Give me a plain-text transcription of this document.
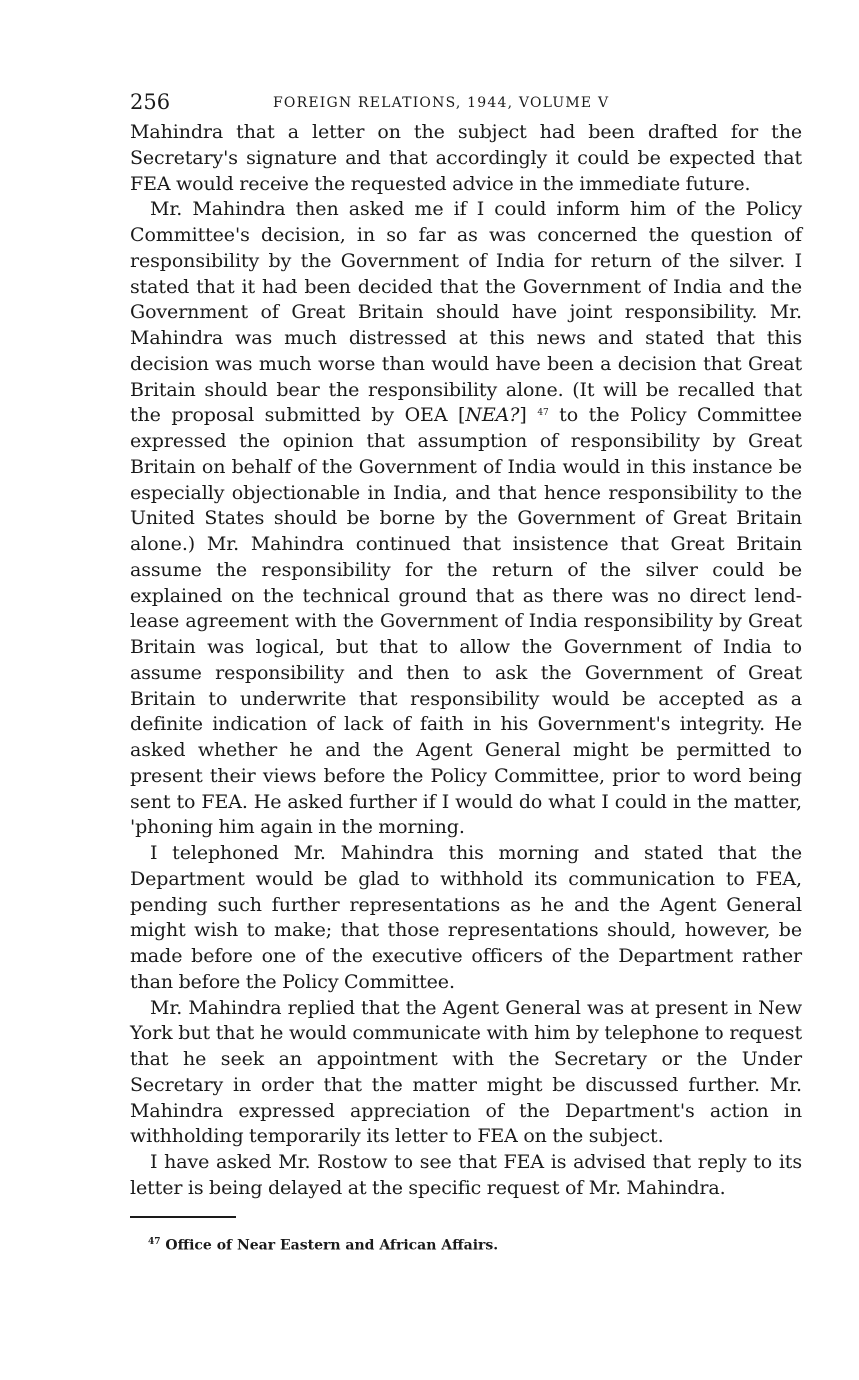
256	FOREIGN RELATIONS, 1944, VOLUME V

Mahindra that a letter on the subject had been drafted for the Secretary's signature and that accordingly it could be expected that FEA would receive the requested advice in the immediate future.

Mr. Mahindra then asked me if I could inform him of the Policy Committee's decision, in so far as was concerned the question of responsibility by the Government of India for return of the silver. I stated that it had been decided that the Government of India and the Government of Great Britain should have joint responsibility. Mr. Mahindra was much distressed at this news and stated that this decision was much worse than would have been a decision that Great Britain should bear the responsibility alone. (It will be recalled that the proposal submitted by OEA [NEA?] $^{47}$ to the Policy Committee expressed the opinion that assumption of responsibility by Great Britain on behalf of the Government of India would in this instance be especially objectionable in India, and that hence responsibility to the United States should be borne by the Government of Great Britain alone.) Mr. Mahindra continued that insistence that Great Britain assume the responsibility for the return of the silver could be explained on the technical ground that as there was no direct lend-lease agreement with the Government of India responsibility by Great Britain was logical, but that to allow the Government of India to assume responsibility and then to ask the Government of Great Britain to underwrite that responsibility would be accepted as a definite indication of lack of faith in his Government's integrity. He asked whether he and the Agent General might be permitted to present their views before the Policy Committee, prior to word being sent to FEA. He asked further if I would do what I could in the matter, 'phoning him again in the morning.

I telephoned Mr. Mahindra this morning and stated that the Department would be glad to withhold its communication to FEA, pending such further representations as he and the Agent General might wish to make; that those representations should, however, be made before one of the executive officers of the Department rather than before the Policy Committee.

Mr. Mahindra replied that the Agent General was at present in New York but that he would communicate with him by telephone to request that he seek an appointment with the Secretary or the Under Secretary in order that the matter might be discussed further. Mr. Mahindra expressed appreciation of the Department's action in withholding temporarily its letter to FEA on the subject.

I have asked Mr. Rostow to see that FEA is advised that reply to its letter is being delayed at the specific request of Mr. Mahindra.

$^{47}$ Office of Near Eastern and African Affairs.
